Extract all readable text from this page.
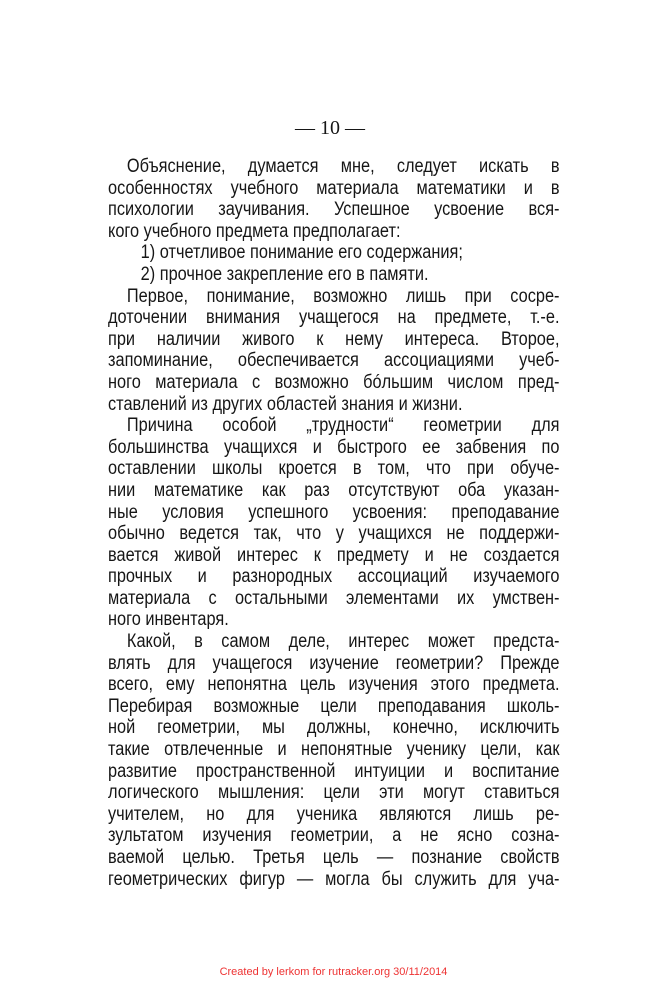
— 10 —
Объяснение, думается мне, следует искать в
особенностях учебного материала математики и в
психологии заучивания. Успешное усвоение вся-
кого учебного предмета предполагает:
1) отчетливое понимание его содержания;
2) прочное закрепление его в памяти.
Первое, понимание, возможно лишь при сосре-
доточении внимания учащегося на предмете, т.-е.
при наличии живого к нему интереса. Второе,
запоминание, обеспечивается ассоциациями учеб-
ного материала с возможно бóльшим числом пред-
ставлений из других областей знания и жизни.
Причина особой „трудности“ геометрии для
большинства учащихся и быстрого ее забвения по
оставлении школы кроется в том, что при обуче-
нии математике как раз отсутствуют оба указан-
ные условия успешного усвоения: преподавание
обычно ведется так, что у учащихся не поддержи-
вается живой интерес к предмету и не создается
прочных и разнородных ассоциаций изучаемого
материала с остальными элементами их умствен-
ного инвентаря.
Какой, в самом деле, интерес может предста-
влять для учащегося изучение геометрии? Прежде
всего, ему непонятна цель изучения этого предмета.
Перебирая возможные цели преподавания школь-
ной геометрии, мы должны, конечно, исключить
такие отвлеченные и непонятные ученику цели, как
развитие пространственной интуиции и воспитание
логического мышления: цели эти могут ставиться
учителем, но для ученика являются лишь ре-
зультатом изучения геометрии, а не ясно созна-
ваемой целью. Третья цель — познание свойств
геометрических фигур — могла бы служить для уча-
Created by lerkom for rutracker.org 30/11/2014
